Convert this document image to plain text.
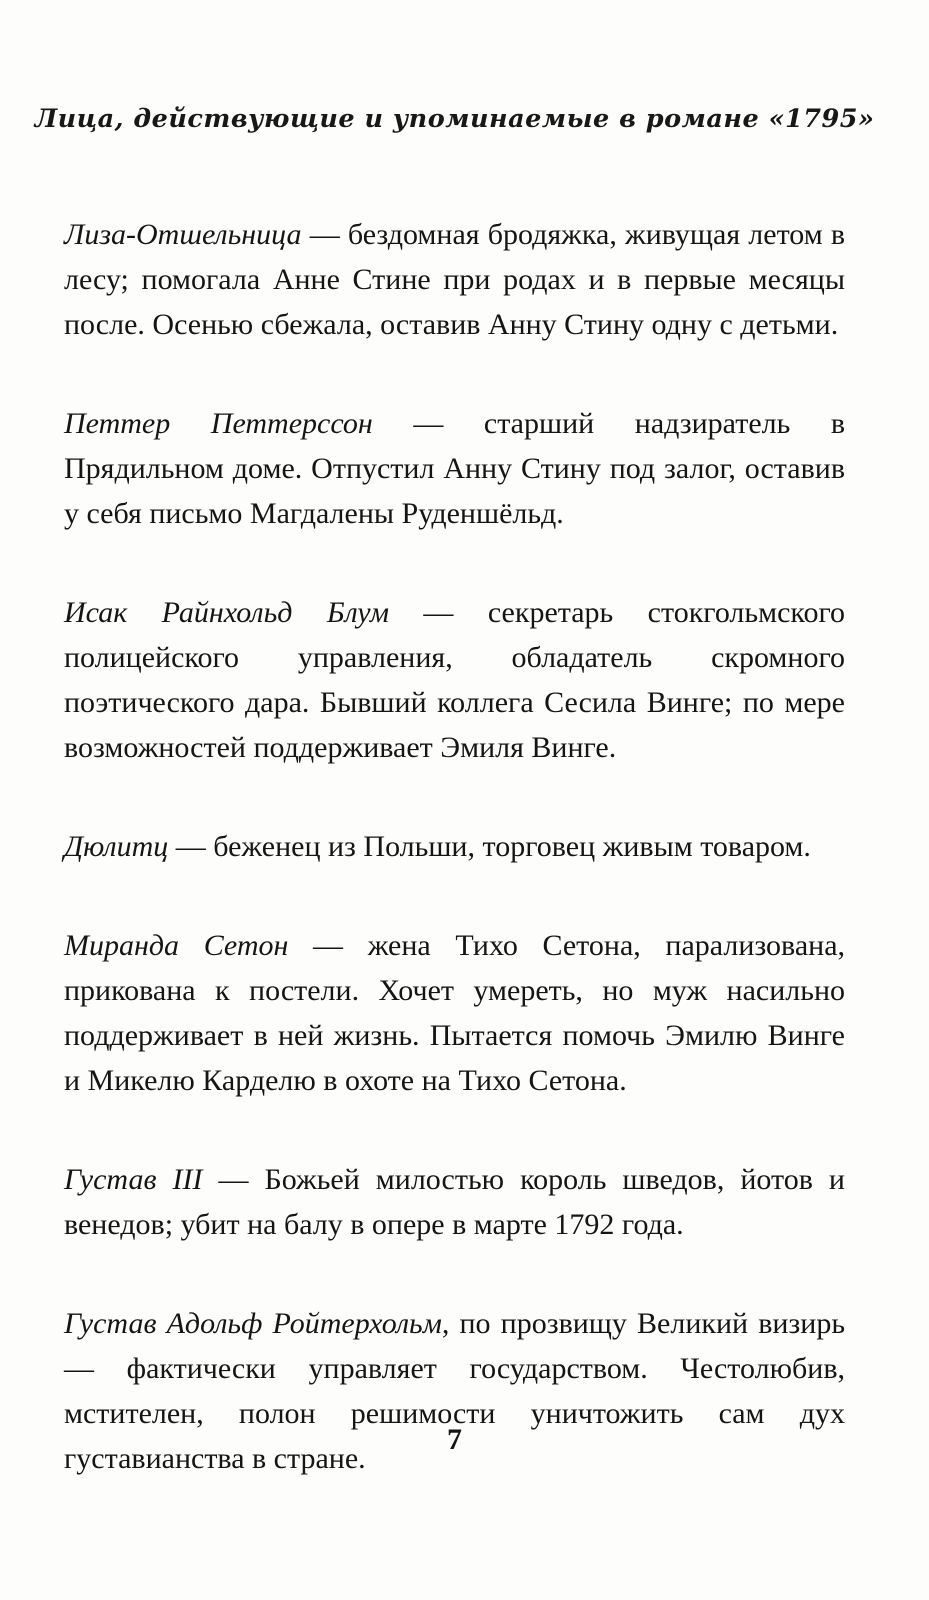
Лица, действующие и упоминаемые в романе «1795»

Лиза-Отшельница — бездомная бродяжка, живущая летом в лесу; помогала Анне Стине при родах и в первые месяцы после. Осенью сбежала, оставив Анну Стину одну с детьми.

Петтер Петтерссон — старший надзиратель в Прядильном доме. Отпустил Анну Стину под залог, оставив у себя письмо Магдалены Руденшёльд.

Исак Райнхольд Блум — секретарь стокгольмского полицейского управления, обладатель скромного поэтического дара. Бывший коллега Сесила Винге; по мере возможностей поддерживает Эмиля Винге.

Дюлитц — беженец из Польши, торговец живым товаром.

Миранда Сетон — жена Тихо Сетона, парализована, прикована к постели. Хочет умереть, но муж насильно поддерживает в ней жизнь. Пытается помочь Эмилю Винге и Микелю Карделю в охоте на Тихо Сетона.

Густав III — Божьей милостью король шведов, йотов и венедов; убит на балу в опере в марте 1792 года.

Густав Адольф Ройтерхольм, по прозвищу Великий визирь — фактически управляет государством. Честолюбив, мстителен, полон решимости уничтожить сам дух густавианства в стране.

7
